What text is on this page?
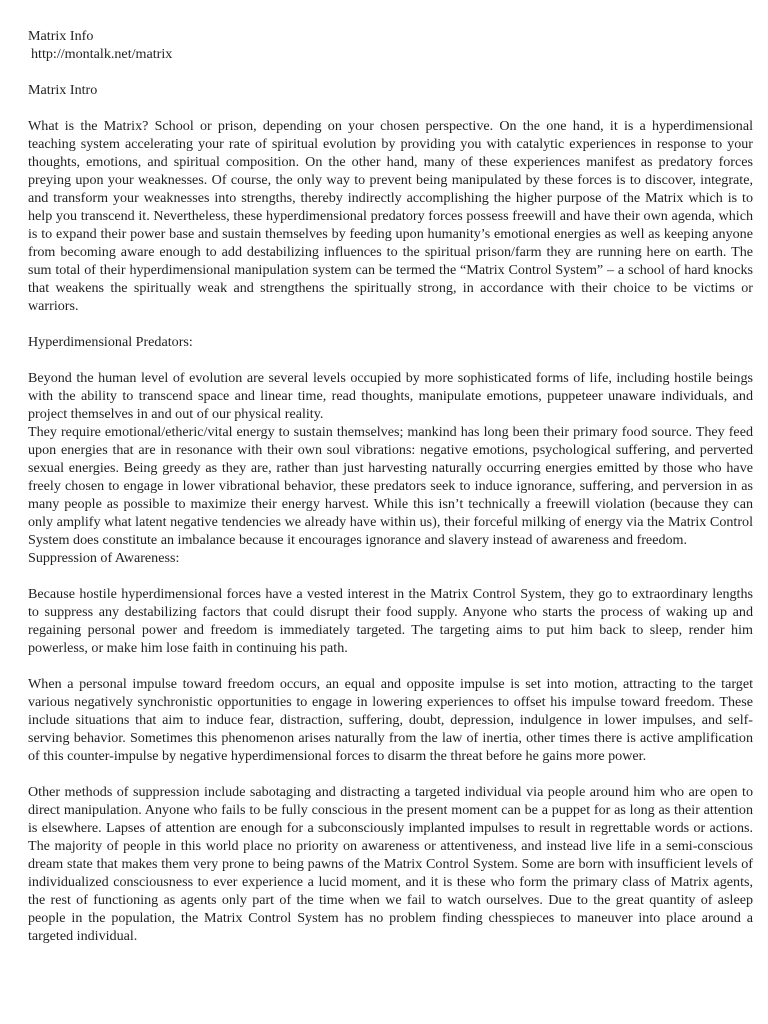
Matrix Info
http://montalk.net/matrix
Matrix Intro

What is the Matrix? School or prison, depending on your chosen perspective. On the one hand, it is a hyperdimensional teaching system accelerating your rate of spiritual evolution by providing you with catalytic experiences in response to your thoughts, emotions, and spiritual composition. On the other hand, many of these experiences manifest as predatory forces preying upon your weaknesses. Of course, the only way to prevent being manipulated by these forces is to discover, integrate, and transform your weaknesses into strengths, thereby indirectly accomplishing the higher purpose of the Matrix which is to help you transcend it. Nevertheless, these hyperdimensional predatory forces possess freewill and have their own agenda, which is to expand their power base and sustain themselves by feeding upon humanity’s emotional energies as well as keeping anyone from becoming aware enough to add destabilizing influences to the spiritual prison/farm they are running here on earth. The sum total of their hyperdimensional manipulation system can be termed the “Matrix Control System” – a school of hard knocks that weakens the spiritually weak and strengthens the spiritually strong, in accordance with their choice to be victims or warriors.

Hyperdimensional Predators:

Beyond the human level of evolution are several levels occupied by more sophisticated forms of life, including hostile beings with the ability to transcend space and linear time, read thoughts, manipulate emotions, puppeteer unaware individuals, and project themselves in and out of our physical reality.

They require emotional/etheric/vital energy to sustain themselves; mankind has long been their primary food source. They feed upon energies that are in resonance with their own soul vibrations: negative emotions, psychological suffering, and perverted sexual energies. Being greedy as they are, rather than just harvesting naturally occurring energies emitted by those who have freely chosen to engage in lower vibrational behavior, these predators seek to induce ignorance, suffering, and perversion in as many people as possible to maximize their energy harvest. While this isn’t technically a freewill violation (because they can only amplify what latent negative tendencies we already have within us), their forceful milking of energy via the Matrix Control System does constitute an imbalance because it encourages ignorance and slavery instead of awareness and freedom.

Suppression of Awareness:

Because hostile hyperdimensional forces have a vested interest in the Matrix Control System, they go to extraordinary lengths to suppress any destabilizing factors that could disrupt their food supply. Anyone who starts the process of waking up and regaining personal power and freedom is immediately targeted. The targeting aims to put him back to sleep, render him powerless, or make him lose faith in continuing his path.

When a personal impulse toward freedom occurs, an equal and opposite impulse is set into motion, attracting to the target various negatively synchronistic opportunities to engage in lowering experiences to offset his impulse toward freedom. These include situations that aim to induce fear, distraction, suffering, doubt, depression, indulgence in lower impulses, and self-serving behavior. Sometimes this phenomenon arises naturally from the law of inertia, other times there is active amplification of this counter-impulse by negative hyperdimensional forces to disarm the threat before he gains more power.

Other methods of suppression include sabotaging and distracting a targeted individual via people around him who are open to direct manipulation. Anyone who fails to be fully conscious in the present moment can be a puppet for as long as their attention is elsewhere. Lapses of attention are enough for a subconsciously implanted impulses to result in regrettable words or actions. The majority of people in this world place no priority on awareness or attentiveness, and instead live life in a semi-conscious dream state that makes them very prone to being pawns of the Matrix Control System. Some are born with insufficient levels of individualized consciousness to ever experience a lucid moment, and it is these who form the primary class of Matrix agents, the rest of functioning as agents only part of the time when we fail to watch ourselves. Due to the great quantity of asleep people in the population, the Matrix Control System has no problem finding chesspieces to maneuver into place around a targeted individual.
